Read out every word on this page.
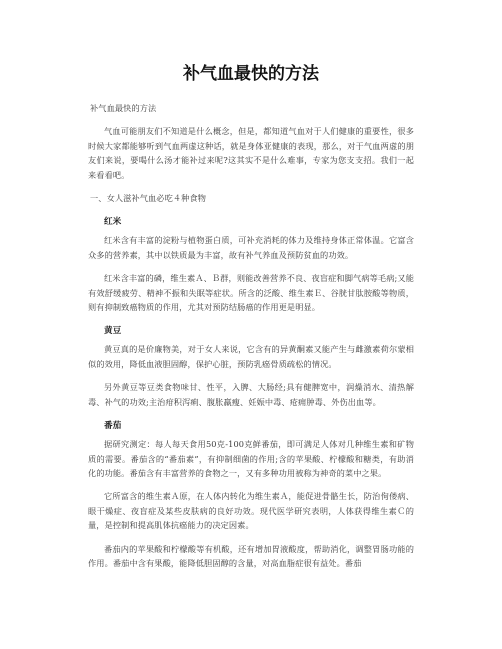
补气血最快的方法

补气血最快的方法

气血可能朋友们不知道是什么概念，但是，都知道气血对于人们健康的重要性，很多时候大家都能够听到气血两虚这种话，就是身体亚健康的表现，那么，对于气血两虚的朋友们来说，要喝什么汤才能补过来呢?这其实不是什么难事，专家为您支支招。我们一起来看看吧。

一、女人滋补气血必吃４种食物

红米

红米含有丰富的淀粉与植物蛋白质，可补充消耗的体力及维持身体正常体温。它富含众多的营养素，其中以铁质最为丰富，故有补气养血及预防贫血的功效。

红米含丰富的磷，维生素Ａ、Ｂ群，则能改善营养不良、夜盲症和脚气病等毛病;又能有效舒缓疲劳、精神不振和失眠等症状。所含的泛酸、维生素Ｅ、谷胱甘肽胺酸等物质，则有抑制致癌物质的作用，尤其对预防结肠癌的作用更是明显。

黄豆

黄豆真的是价廉物美，对于女人来说，它含有的异黄酮素又能产生与雌激素荷尔蒙相似的效用，降低血液胆固醇，保护心脏，预防乳癌骨质疏松的情况。

另外黄豆等豆类食物味甘、性平，入脾、大肠经;具有健脾宽中，润燥消水、清热解毒、补气的功效;主治疳积泻痢、腹胀羸瘦、妊娠中毒、疮痈肿毒、外伤出血等。

番茄

据研究测定：每人每天食用50克-100克鲜番茄，即可满足人体对几种维生素和矿物质的需要。番茄含的“番茄素”，有抑制细菌的作用;含的苹果酸、柠檬酸和糖类，有助消化的功能。番茄含有丰富营养的食物之一，又有多种功用被称为神奇的菜中之果。

它所富含的维生素Ａ原，在人体内转化为维生素Ａ，能促进骨骼生长，防治佝偻病、眼干燥症、夜盲症及某些皮肤病的良好功效。现代医学研究表明，人体获得维生素Ｃ的量，是控制和提高肌体抗癌能力的决定因素。

番茄内的苹果酸和柠檬酸等有机酸，还有增加胃液酸度，帮助消化，调整胃肠功能的作用。番茄中含有果酸，能降低胆固醇的含量，对高血脂症很有益处。番茄
